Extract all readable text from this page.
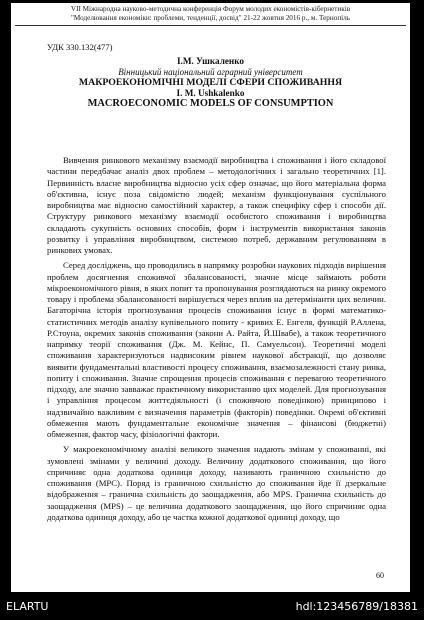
VII Міжнародна науково-методична конференція Форум молодих економістів-кібернетиків
"Моделювання економіки: проблеми, тенденції, досвід" 21-22 жовтня 2016 р., м. Тернопіль
УДК 330.132(477)
І.М. Ушкаленко
Вінницький національний аграрний університет
МАКРОЕКОНОМІЧНІ МОДЕЛІ СФЕРИ СПОЖИВАННЯ
I. M. Ushkalenko
MACROECONOMIC MODELS OF CONSUMPTION

Вивчення ринкового механізму взаємодії виробництва і споживання і його складової частини передбачає аналіз двох проблем – методологічних і загально теоретичних [1]. Первинність власне виробництва відносно усіх сфер означає, що його матеріальна форма об'єктивна, існує поза свідомістю людей; механізм функціонування суспільного виробництва має відносно самостійний характер, а також специфіку сфер і способи дії. Структуру ринкового механізму взаємодії особистого споживання і виробництва складають сукупність основних способів, форм і інструментів використання законів розвитку і управління виробництвом, системою потреб, державним регулюванням в ринкових умовах.

Серед досліджень, що проводились в напрямку розробки наукових підходів вирішення проблем досягнення споживчої збалансованості, значне місце займають роботи мікроекономічного рівня, в яких попит та пропонування розглядаються на ринку окремого товару і проблема збалансованості вирішується через вплив на детермінанти цих величин. Багаторічна історія прогнозування процесів споживання існує в формі математико-статистичних методів аналізу купівельного попиту - кривих Е. Енгеля, функцій Р.Аллена, Р.Стоуна, окремих законів споживання (закони А. Райта, Й.Швабе), а також теоретичного напрямку теорії споживання (Дж. М. Кейнс, П. Самуельсон). Теоретичні моделі споживання характеризуються надвисоким рівнем наукової абстракції, що дозволяє виявити фундаментальні властивості процесу споживання, взаємозалежності стану ринка, попиту і споживання. Значне спрощення процесів споживання є перевагою теоретичного підходу, але значно завважає практичному використанню цих моделей. Для прогнозування і управління процесом життєдіяльності (і споживчою поведінкою) принципово і надзвичайно важливим є визначення параметрів (факторів) поведінки. Окремі об'єктивні обмеження мають фундаментальне економічне значення – фінансові (бюджетні) обмеження, фактор часу, фізіологічні фактори.

У макроекономічному аналізі великого значення надають змінам у споживанні, які зумовлені змінами у величині доходу. Величину додаткового споживання, що його спричиняє одна додаткова одиниця доходу, називають граничною схильністю до споживання (MPC). Поряд із граничною схильністю до споживання йде її дзеркальне відображення – гранична схильність до заощадження, або MPS. Гранична схильність до заощадження (MPS) – це величина додаткового заощадження, що його спричиняє одна додаткова одиниця доходу, або це частка кожної додаткової одиниці доходу, що

60
ELARTU	hdl:123456789/18381
